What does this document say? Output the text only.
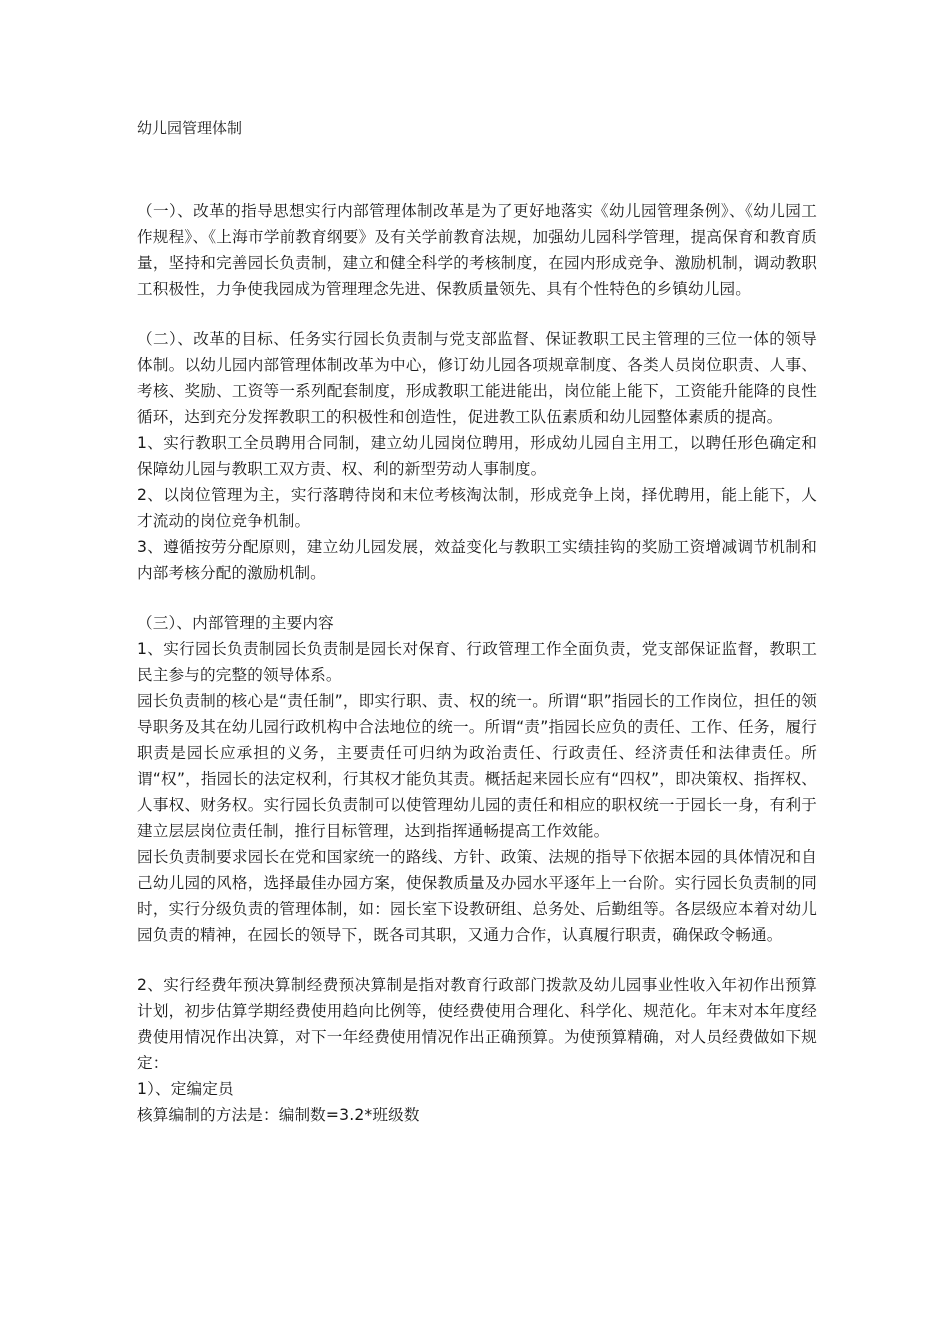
幼儿园管理体制

（一）、改革的指导思想实行内部管理体制改革是为了更好地落实《幼儿园管理条例》、《幼儿园工作规程》、《上海市学前教育纲要》及有关学前教育法规，加强幼儿园科学管理，提高保育和教育质量，坚持和完善园长负责制，建立和健全科学的考核制度，在园内形成竞争、激励机制，调动教职工积极性，力争使我园成为管理理念先进、保教质量领先、具有个性特色的乡镇幼儿园。

（二）、改革的目标、任务实行园长负责制与党支部监督、保证教职工民主管理的三位一体的领导体制。以幼儿园内部管理体制改革为中心，修订幼儿园各项规章制度、各类人员岗位职责、人事、考核、奖励、工资等一系列配套制度，形成教职工能进能出，岗位能上能下，工资能升能降的良性循环，达到充分发挥教职工的积极性和创造性，促进教工队伍素质和幼儿园整体素质的提高。

1、实行教职工全员聘用合同制，建立幼儿园岗位聘用，形成幼儿园自主用工，以聘任形色确定和保障幼儿园与教职工双方责、权、利的新型劳动人事制度。

2、以岗位管理为主，实行落聘待岗和末位考核淘汰制，形成竞争上岗，择优聘用，能上能下，人才流动的岗位竞争机制。

3、遵循按劳分配原则，建立幼儿园发展，效益变化与教职工实绩挂钩的奖励工资增减调节机制和内部考核分配的激励机制。

（三）、内部管理的主要内容

1、实行园长负责制园长负责制是园长对保育、行政管理工作全面负责，党支部保证监督，教职工民主参与的完整的领导体系。

园长负责制的核心是“责任制”，即实行职、责、权的统一。所谓“职”指园长的工作岗位，担任的领导职务及其在幼儿园行政机构中合法地位的统一。所谓“责”指园长应负的责任、工作、任务，履行职责是园长应承担的义务，主要责任可归纳为政治责任、行政责任、经济责任和法律责任。所谓“权”，指园长的法定权利，行其权才能负其责。概括起来园长应有“四权”，即决策权、指挥权、人事权、财务权。实行园长负责制可以使管理幼儿园的责任和相应的职权统一于园长一身，有利于建立层层岗位责任制，推行目标管理，达到指挥通畅提高工作效能。

园长负责制要求园长在党和国家统一的路线、方针、政策、法规的指导下依据本园的具体情况和自己幼儿园的风格，选择最佳办园方案，使保教质量及办园水平逐年上一台阶。实行园长负责制的同时，实行分级负责的管理体制，如：园长室下设教研组、总务处、后勤组等。各层级应本着对幼儿园负责的精神，在园长的领导下，既各司其职，又通力合作，认真履行职责，确保政令畅通。

2、实行经费年预决算制经费预决算制是指对教育行政部门拨款及幼儿园事业性收入年初作出预算计划，初步估算学期经费使用趋向比例等，使经费使用合理化、科学化、规范化。年末对本年度经费使用情况作出决算，对下一年经费使用情况作出正确预算。为使预算精确，对人员经费做如下规定：

1）、定编定员

核算编制的方法是：编制数=3.2*班级数
